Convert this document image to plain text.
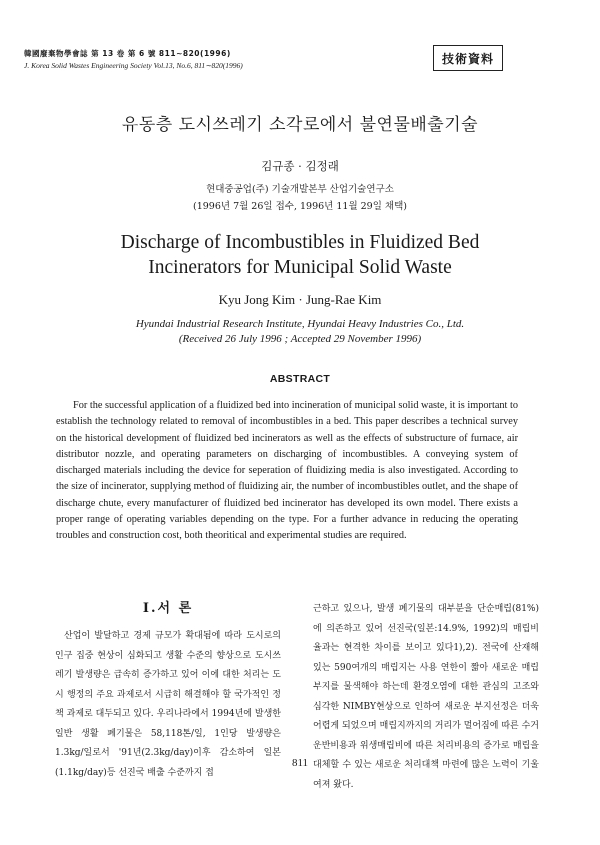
韓國廢棄物學會誌 第 13 卷 第 6 號 811∼820(1996)
J. Korea Solid Wastes Engineering Society Vol.13, No.6, 811∼820(1996)	技術資料
유동층 도시쓰레기 소각로에서 불연물배출기술
김규종 · 김정래
현대중공업(주) 기술개발본부 산업기술연구소
(1996년 7월 26일 접수, 1996년 11월 29일 채택)
Discharge of Incombustibles in Fluidized Bed Incinerators for Municipal Solid Waste
Kyu Jong Kim · Jung-Rae Kim
Hyundai Industrial Research Institute, Hyundai Heavy Industries Co., Ltd.
(Received 26 July 1996 ; Accepted 29 November 1996)
ABSTRACT

For the successful application of a fluidized bed into incineration of municipal solid waste, it is important to establish the technology related to removal of incombustibles in a bed. This paper describes a technical survey on the historical development of fluidized bed incinerators as well as the effects of substructure of furnace, air distributor nozzle, and operating parameters on discharging of incombustibles. A conveying system of discharged materials including the device for seperation of fluidizing media is also investigated. According to the size of incinerator, supplying method of fluidizing air, the number of incombustibles outlet, and the shape of discharge chute, every manufacturer of fluidized bed incinerator has developed its own model. There exists a proper range of operating variables depending on the type. For a further advance in reducing the operating troubles and construction cost, both theoritical and experimental studies are required.

Ⅰ.서 론

산업이 발달하고 경제 규모가 확대됨에 따라 도시로의 인구 집중 현상이 심화되고 생활 수준의 향상으로 도시쓰레기 발생량은 급속히 증가하고 있어 이에 대한 처리는 도시 행정의 주요 과제로서 시급히 해결해야 할 국가적인 정책 과제로 대두되고 있다. 우리나라에서 1994년에 발생한 일반 생활 폐기물은 58,118톤/일, 1인당 발생량은 1.3kg/일로서 '91년(2.3kg/day)이후 감소하여 일본(1.1kg/day)등 선진국 배출 수준까지 접

근하고 있으나, 발생 폐기물의 대부분을 단순매립(81%)에 의존하고 있어 선진국(일본:14.9%, 1992)의 매립비율과는 현격한 차이를 보이고 있다1),2). 전국에 산재해 있는 590여개의 매립지는 사용 연한이 짧아 새로운 매립부지를 물색해야 하는데 환경오염에 대한 관심의 고조와 심각한 NIMBY현상으로 인하여 새로운 부지선정은 더욱 어렵게 되었으며 매립지까지의 거리가 멀어짐에 따른 수거 운반비용과 위생매립비에 따른 처리비용의 증가로 매립을 대체할 수 있는 새로운 처리대책 마련에 많은 노력이 기울여져 왔다.

811
